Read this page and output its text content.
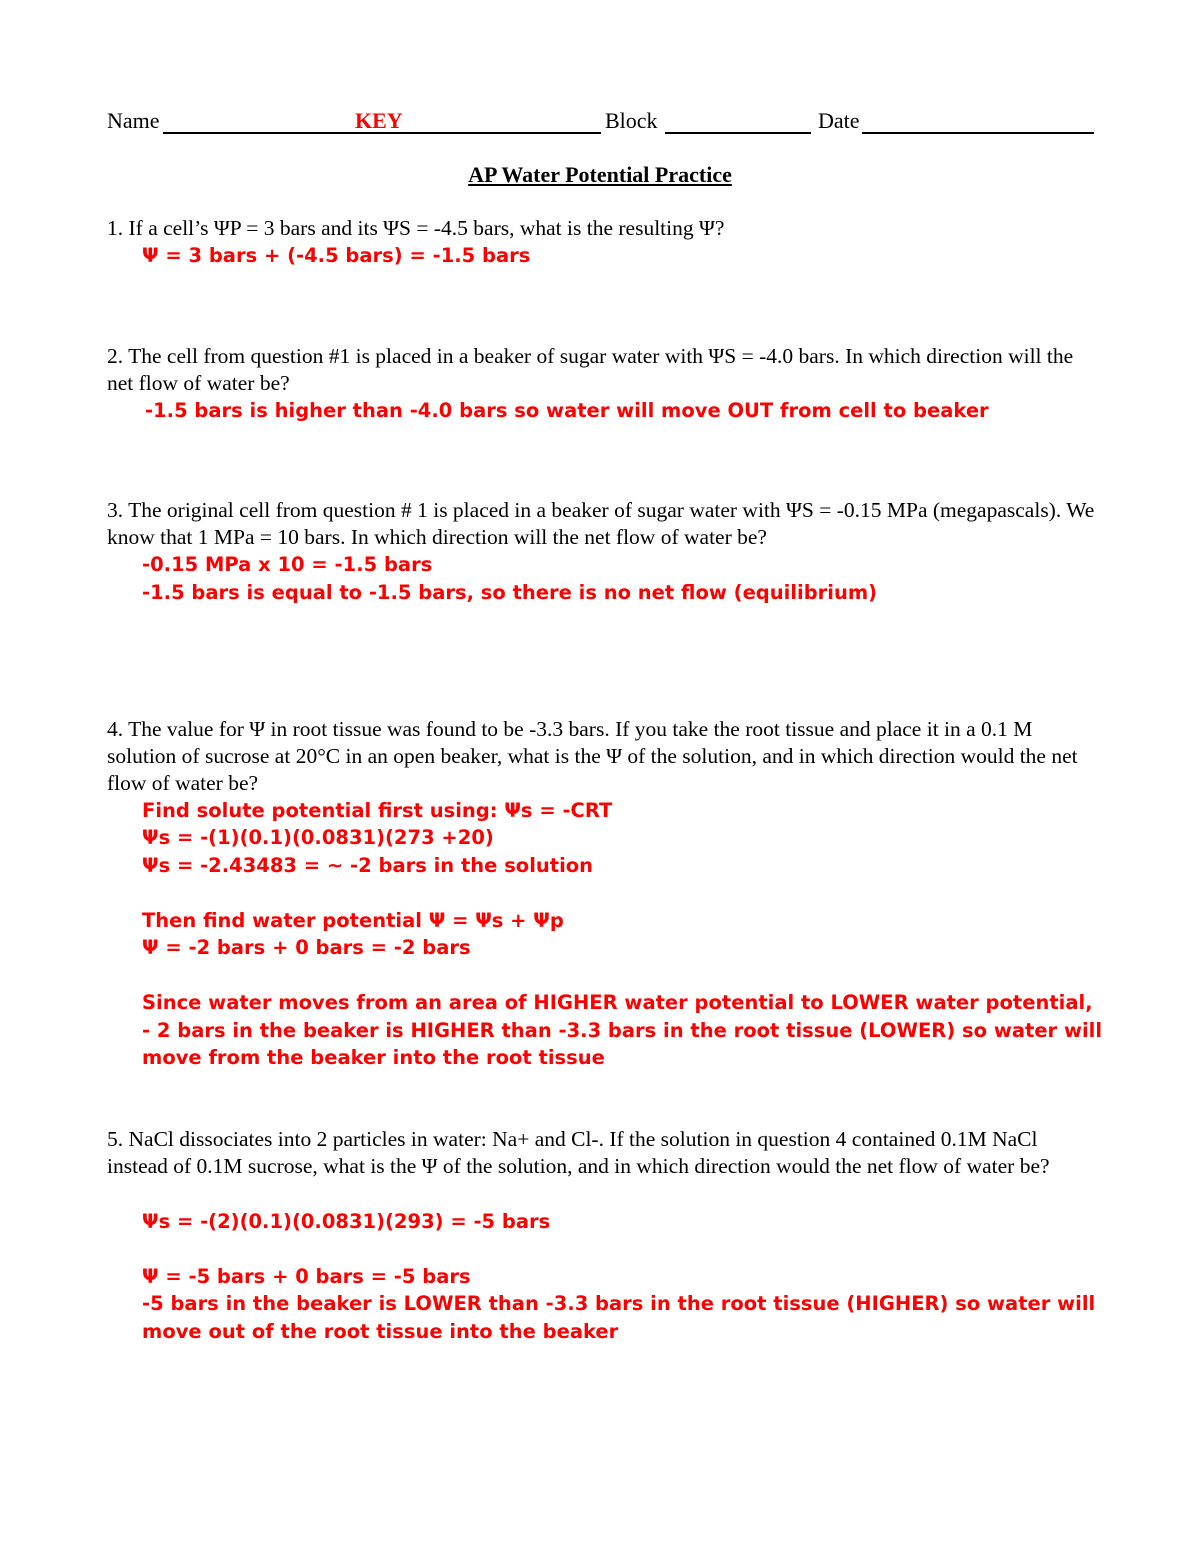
Name	KEY	Block	Date
AP Water Potential Practice
1. If a cell’s ΨP = 3 bars and its ΨS = -4.5 bars, what is the resulting Ψ?
Ψ = 3 bars + (-4.5 bars) = -1.5 bars
2. The cell from question #1 is placed in a beaker of sugar water with ΨS = -4.0 bars. In which direction will the net flow of water be?
-1.5 bars is higher than -4.0 bars so water will move OUT from cell to beaker
3. The original cell from question # 1 is placed in a beaker of sugar water with ΨS = -0.15 MPa (megapascals). We know that 1 MPa = 10 bars. In which direction will the net flow of water be?
-0.15 MPa x 10 = -1.5 bars
-1.5 bars is equal to -1.5 bars, so there is no net flow (equilibrium)
4. The value for Ψ in root tissue was found to be -3.3 bars. If you take the root tissue and place it in a 0.1 M solution of sucrose at 20°C in an open beaker, what is the Ψ of the solution, and in which direction would the net flow of water be?
Find solute potential first using: Ψs = -CRT
Ψs = -(1)(0.1)(0.0831)(273 +20)
Ψs = -2.43483 = ~ -2 bars in the solution
Then find water potential Ψ = Ψs + Ψp
Ψ = -2 bars + 0 bars = -2 bars
Since water moves from an area of HIGHER water potential to LOWER water potential,
- 2 bars in the beaker is HIGHER than -3.3 bars in the root tissue (LOWER) so water will
move from the beaker into the root tissue
5. NaCl dissociates into 2 particles in water: Na+ and Cl-. If the solution in question 4 contained 0.1M NaCl instead of 0.1M sucrose, what is the Ψ of the solution, and in which direction would the net flow of water be?
Ψs = -(2)(0.1)(0.0831)(293) = -5 bars
Ψ = -5 bars + 0 bars = -5 bars
-5 bars in the beaker is LOWER than -3.3 bars in the root tissue (HIGHER) so water will
move out of the root tissue into the beaker
